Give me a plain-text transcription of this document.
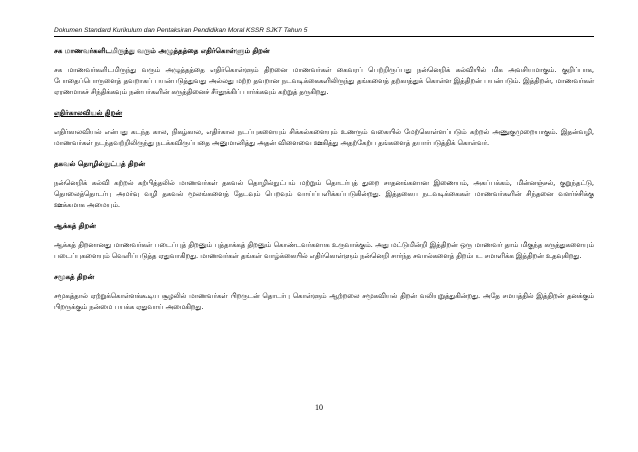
Dokumen Standard Kurikulum dan Pentaksiran Pendidikan Moral KSSR SJKT Tahun 5

சக மாணவர்களிடமிருந்து வரும் அழுத்தத்தை எதிர்கொள்ளும் திறன்

சக மாணவர்களிடமிருந்து வரும் அழுத்தத்தை எதிர்கொள்ளும் திறனை மாணவர்கள் கைவரப் பெற்றிருப்பது நன்னெறிக் கல்வியில் மிக அவசியமாகும். குறிப்பாக, போதைப்பொருளைத் தவறாகப் பயன்படுத்துவது அல்லது மற்ற தவறான நடவடிக்கைகளிலிருந்து தங்களைத் தற்காத்துக் கொள்ள இத்திறன் பயன்படும். இத்திறன், மாணவர்கள் ஏரணமாகச் சிந்திக்கவும் நண்பர்களின் கருத்தினைச் சீர்தூக்கிப் பார்க்கவும் கற்றுத் தருகிறது.

எதிர்காலவியல் திறன்

எதிர்காலவியல் என்பது கடந்த கால, நிகழ்கால, எதிர்கால நடப்புகளையும் சிக்கல்களையும் உணரும் வகையில் மேற்கொள்ளப்படும் கற்றல் அணுகுமுறையாகும். இதன்வழி, மாணவர்கள் நடந்தவற்றிலிருந்து நடக்கவிருப்பதை அனுமானித்து அதன் விளைவை ஊகித்து அதற்கேற்ப தங்களைத் தயார்படுத்திக் கொள்வர்.

தகவல் தொழில்நுட்பத் திறன்

நன்னெறிக் கல்வி கற்றல் கற்பித்தலில் மாணவர்கள் தகவல் தொழில்நுட்பம் மற்றும் தொடர்புத் துறை சாதனங்களான இணையம், அகப்பக்கம், மின்னஞ்சல், குறுந்தட்டு, தொலைத்தொடர்பு அமர்வு வழி தகவல் மூலங்களைத் தேடவும் பெறவும் வாய்ப்பளிக்கப்படுகின்றது. இத்தகைய நடவடிக்கைகள் மாணவர்களின் சிந்தனை வளர்ச்சிக்கு ஊக்கமாக அமையும்.

ஆக்கத் திறன்

ஆக்கத் திறனானது மாணவர்கள் படைப்புத் திறனும் புத்தாக்கத் திறனும் கொண்டவர்களாக உருவாக்கும். அது மட்டுமின்றி இத்திறன் ஒரு மாணவர் தாம் மிகுந்த கருத்துகளையும் படைப்புகளையும் வெளிப்படுத்த ஏதுவாகிறது. மாணவர்கள் தங்கள் வாழ்க்கையில் எதிர்கொள்ளும் நன்னெறி சார்ந்த சவால்களைத் திறம்பட சமாளிக்க இத்திறன் உதவுகிறது.

சமூகத் திறன்

சமூகத்தால் ஏற்றுக்கொள்ளக்கூடிய சூழலில் மாணவர்கள் பிறருடன் தொடர்பு கொள்ளும் ஆற்றலை சமூகவியல் திறன் வலியுறுத்துகின்றது. அதே சமயத்தில் இத்திறன் தனக்கும் பிறருக்கும் நன்மை பயக்க ஏதுவாய் அமைகிறது.

10
